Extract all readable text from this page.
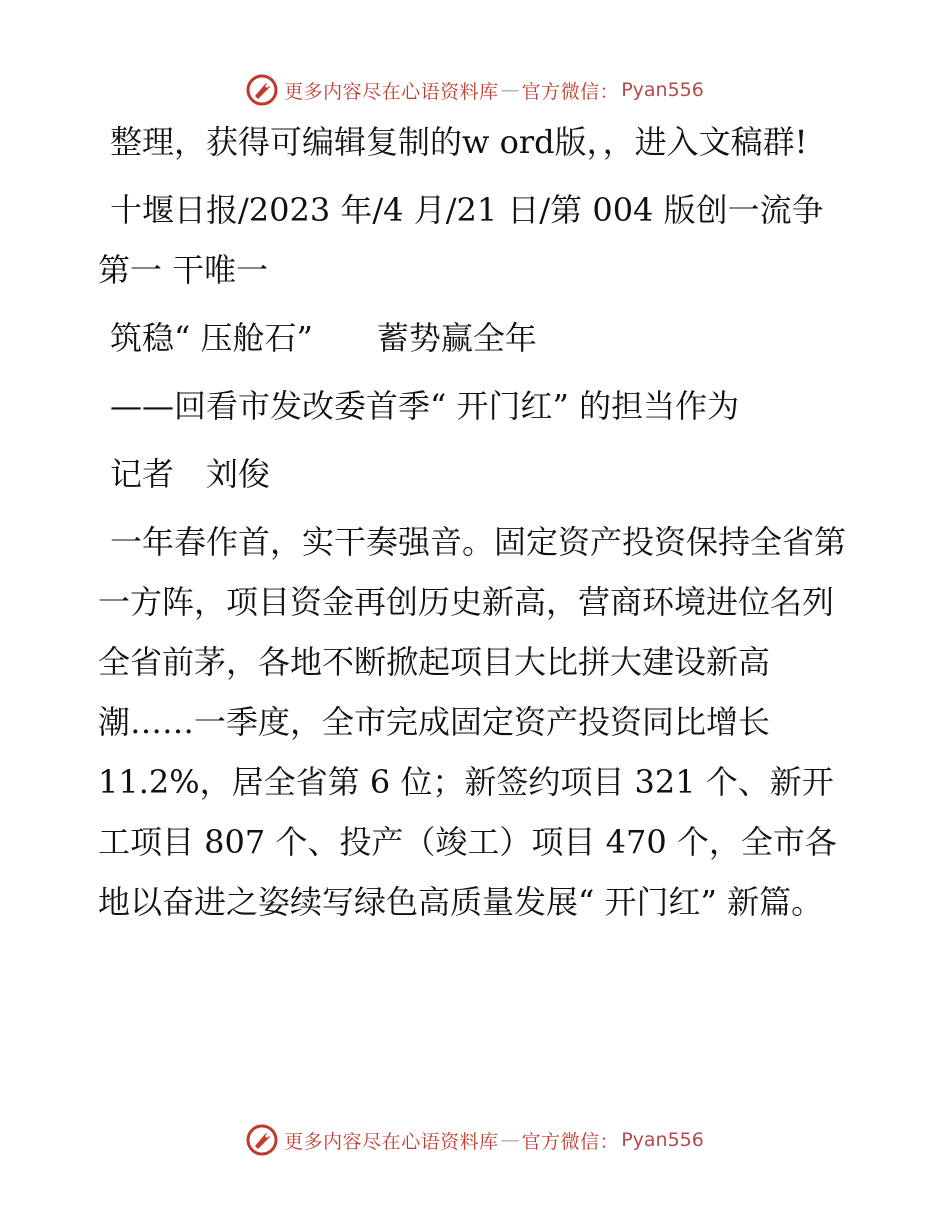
更多内容尽在心语资料库 — 官方微信： Pyan556

整理，获得可编辑复制的w ord版，，进入文稿群!

十堰日报/2023 年/4 月/21 日/第 004 版创一流争第一 干唯一

筑稳“ 压舱石”　　蓄势赢全年

——回看市发改委首季“ 开门红” 的担当作为

记者　刘俊

一年春作首，实干奏强音。固定资产投资保持全省第一方阵，项目资金再创历史新高，营商环境进位名列全省前茅，各地不断掀起项目大比拼大建设新高潮……一季度，全市完成固定资产投资同比增长 11.2%，居全省第 6 位；新签约项目 321 个、新开工项目 807 个、投产（竣工）项目 470 个，全市各地以奋进之姿续写绿色高质量发展“ 开门红” 新篇。

更多内容尽在心语资料库 — 官方微信： Pyan556
